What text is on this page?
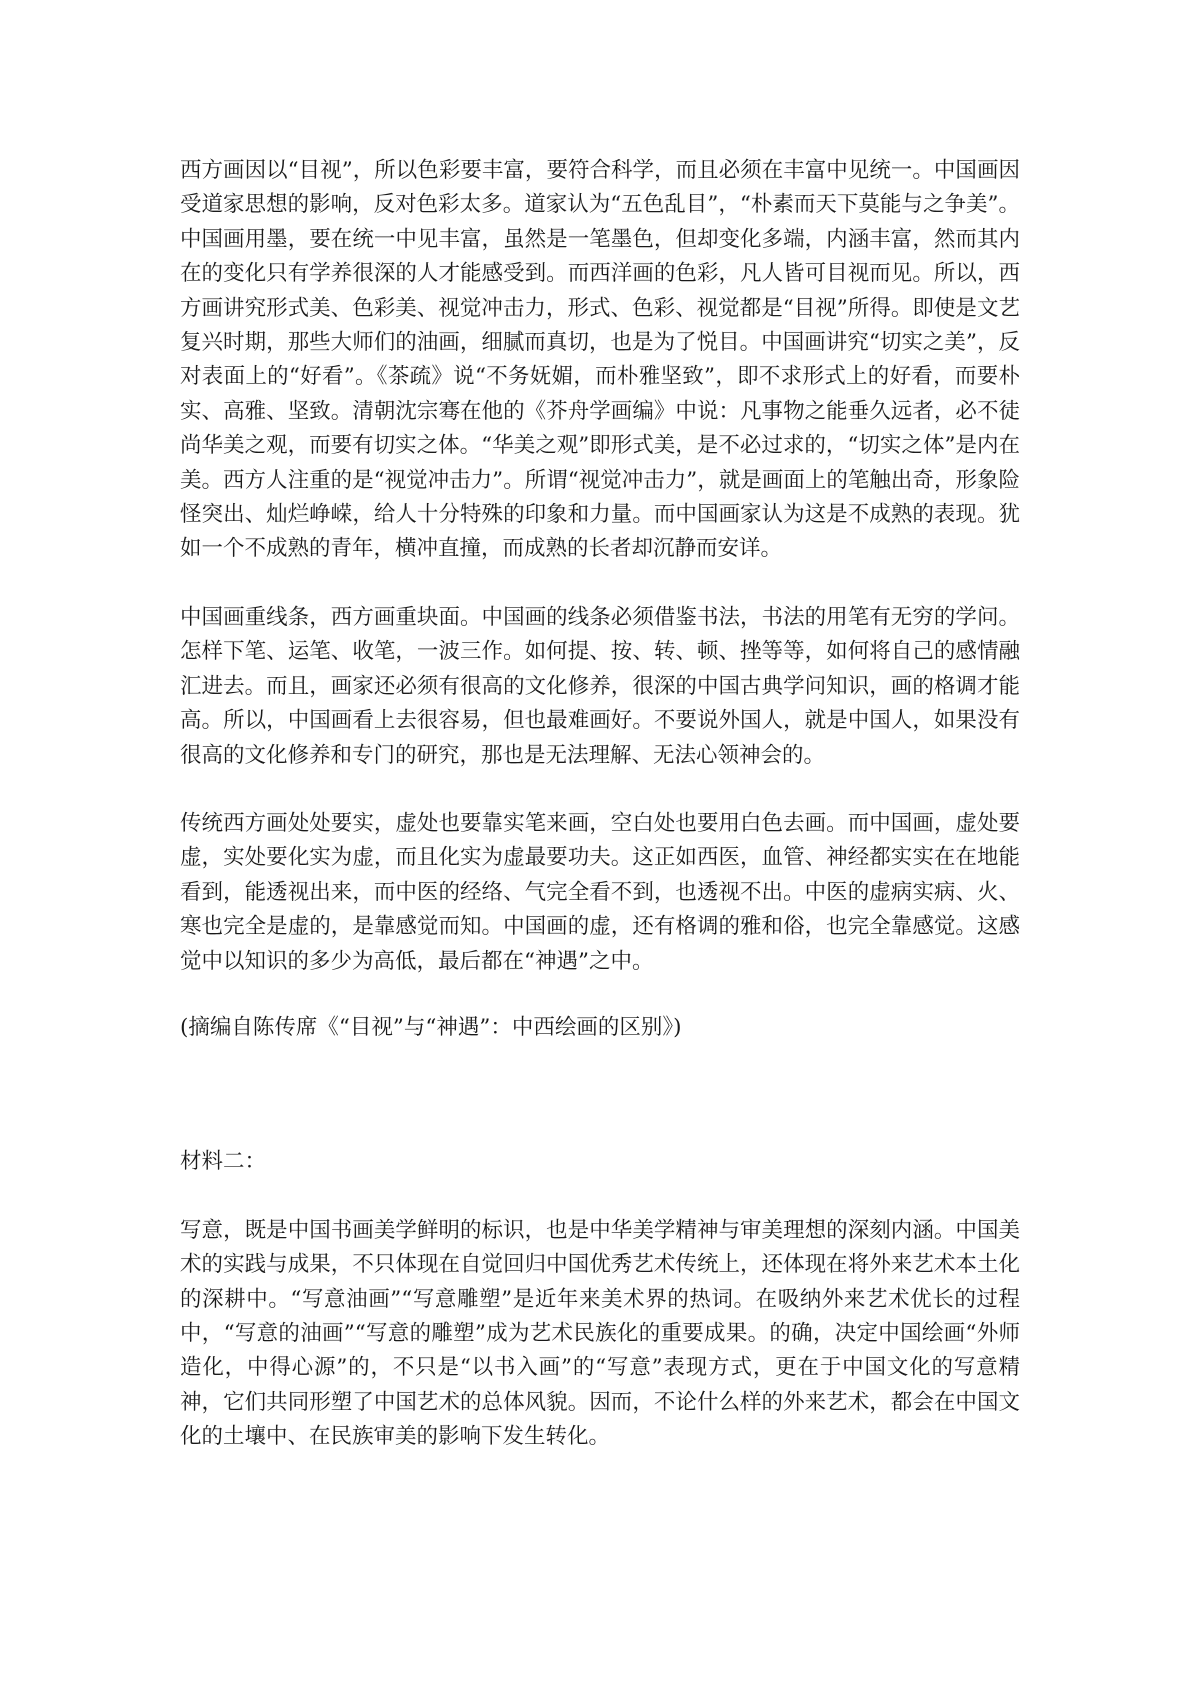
西方画因以“目视”，所以色彩要丰富，要符合科学，而且必须在丰富中见统一。中国画因受道家思想的影响，反对色彩太多。道家认为“五色乱目”，“朴素而天下莫能与之争美”。中国画用墨，要在统一中见丰富，虽然是一笔墨色，但却变化多端，内涵丰富，然而其内在的变化只有学养很深的人才能感受到。而西洋画的色彩，凡人皆可目视而见。所以，西方画讲究形式美、色彩美、视觉冲击力，形式、色彩、视觉都是“目视”所得。即使是文艺复兴时期，那些大师们的油画，细腻而真切，也是为了悦目。中国画讲究“切实之美”，反对表面上的“好看”。《茶疏》说“不务妩媚，而朴雅坚致”，即不求形式上的好看，而要朴实、高雅、坚致。清朝沈宗骞在他的《芥舟学画编》中说：凡事物之能垂久远者，必不徒尚华美之观，而要有切实之体。“华美之观”即形式美，是不必过求的，“切实之体”是内在美。西方人注重的是“视觉冲击力”。所谓“视觉冲击力”，就是画面上的笔触出奇，形象险怪突出、灿烂峥嵘，给人十分特殊的印象和力量。而中国画家认为这是不成熟的表现。犹如一个不成熟的青年，横冲直撞，而成熟的长者却沉静而安详。

中国画重线条，西方画重块面。中国画的线条必须借鉴书法，书法的用笔有无穷的学问。怎样下笔、运笔、收笔，一波三作。如何提、按、转、顿、挫等等，如何将自己的感情融汇进去。而且，画家还必须有很高的文化修养，很深的中国古典学问知识，画的格调才能高。所以，中国画看上去很容易，但也最难画好。不要说外国人，就是中国人，如果没有很高的文化修养和专门的研究，那也是无法理解、无法心领神会的。

传统西方画处处要实，虚处也要靠实笔来画，空白处也要用白色去画。而中国画，虚处要虚，实处要化实为虚，而且化实为虚最要功夫。这正如西医，血管、神经都实实在在地能看到，能透视出来，而中医的经络、气完全看不到，也透视不出。中医的虚病实病、火、寒也完全是虚的，是靠感觉而知。中国画的虚，还有格调的雅和俗，也完全靠感觉。这感觉中以知识的多少为高低，最后都在“神遇”之中。

(摘编自陈传席《“目视”与“神遇”：中西绘画的区别》)

材料二：

写意，既是中国书画美学鲜明的标识，也是中华美学精神与审美理想的深刻内涵。中国美术的实践与成果，不只体现在自觉回归中国优秀艺术传统上，还体现在将外来艺术本土化的深耕中。“写意油画”“写意雕塑”是近年来美术界的热词。在吸纳外来艺术优长的过程中，“写意的油画”“写意的雕塑”成为艺术民族化的重要成果。的确，决定中国绘画“外师造化，中得心源”的，不只是“以书入画”的“写意”表现方式，更在于中国文化的写意精神，它们共同形塑了中国艺术的总体风貌。因而，不论什么样的外来艺术，都会在中国文化的土壤中、在民族审美的影响下发生转化。
